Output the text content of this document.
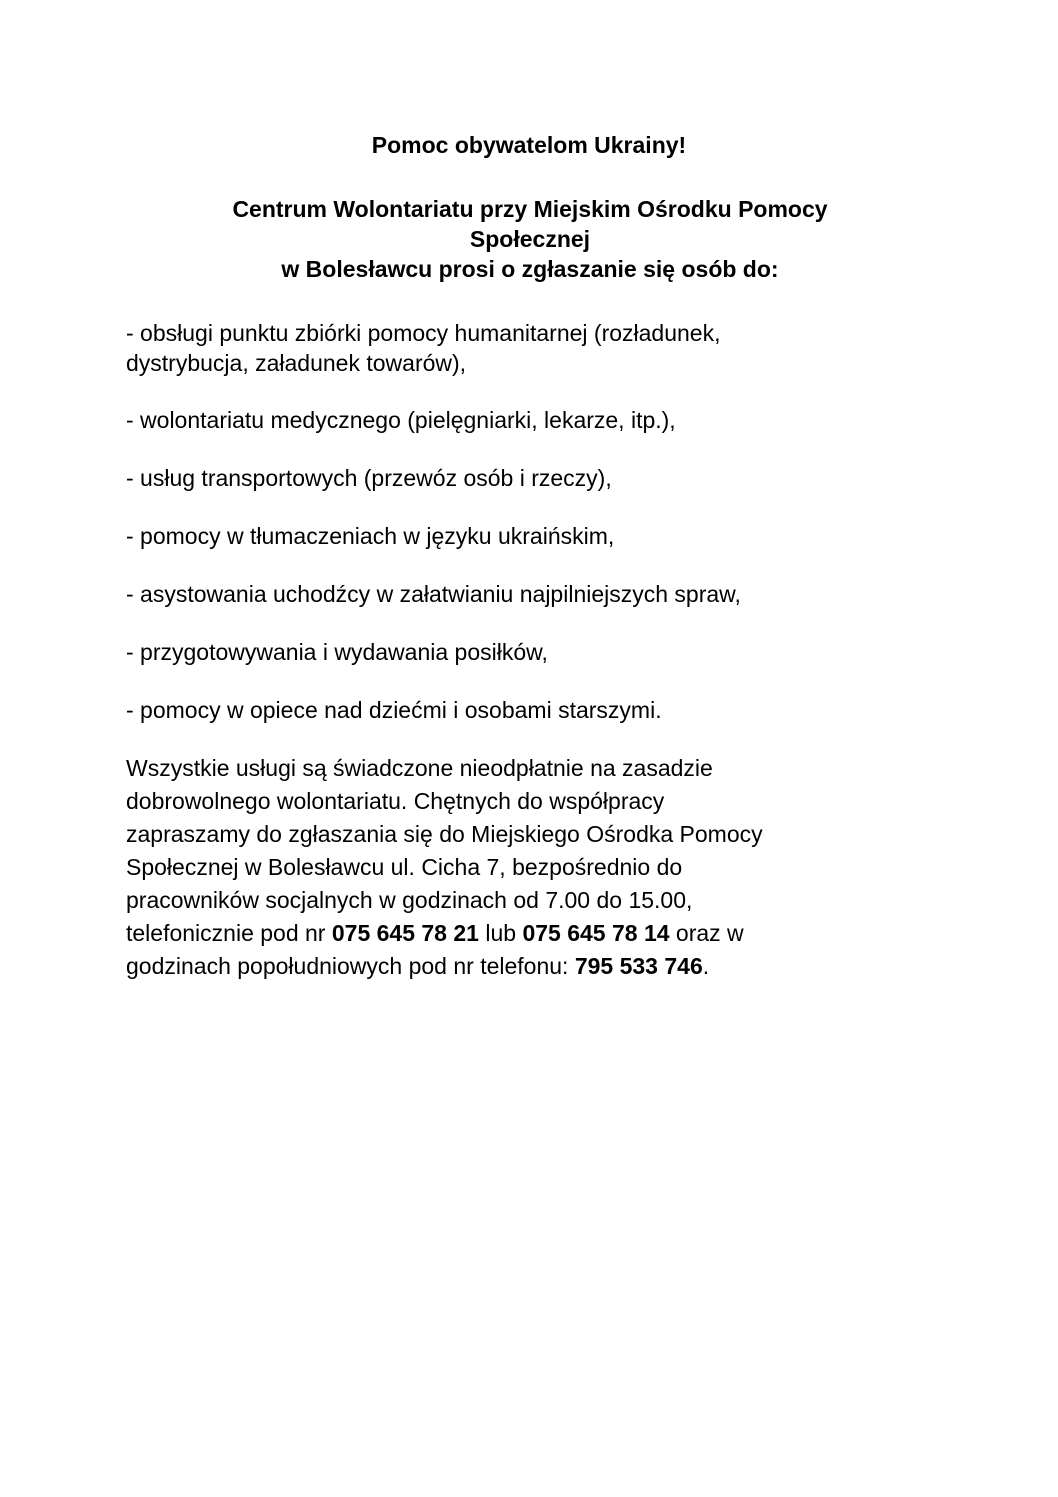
Pomoc obywatelom Ukrainy!
Centrum Wolontariatu przy Miejskim Ośrodku Pomocy
Społecznej
w Bolesławcu prosi o zgłaszanie się osób do:
- obsługi punktu zbiórki pomocy humanitarnej (rozładunek,
dystrybucja, załadunek towarów),
- wolontariatu medycznego (pielęgniarki, lekarze, itp.),
- usług transportowych (przewóz osób i rzeczy),
- pomocy w tłumaczeniach w języku ukraińskim,
- asystowania uchodźcy w załatwianiu najpilniejszych spraw,
- przygotowywania i wydawania posiłków,
- pomocy w opiece nad dziećmi i osobami starszymi.

Wszystkie usługi są świadczone nieodpłatnie na zasadzie
dobrowolnego wolontariatu. Chętnych do współpracy
zapraszamy do zgłaszania się do Miejskiego Ośrodka Pomocy
Społecznej w Bolesławcu ul. Cicha 7, bezpośrednio do
pracowników socjalnych w godzinach od 7.00 do 15.00,
telefonicznie pod nr 075 645 78 21 lub 075 645 78 14 oraz w
godzinach popołudniowych pod nr telefonu: 795 533 746.
